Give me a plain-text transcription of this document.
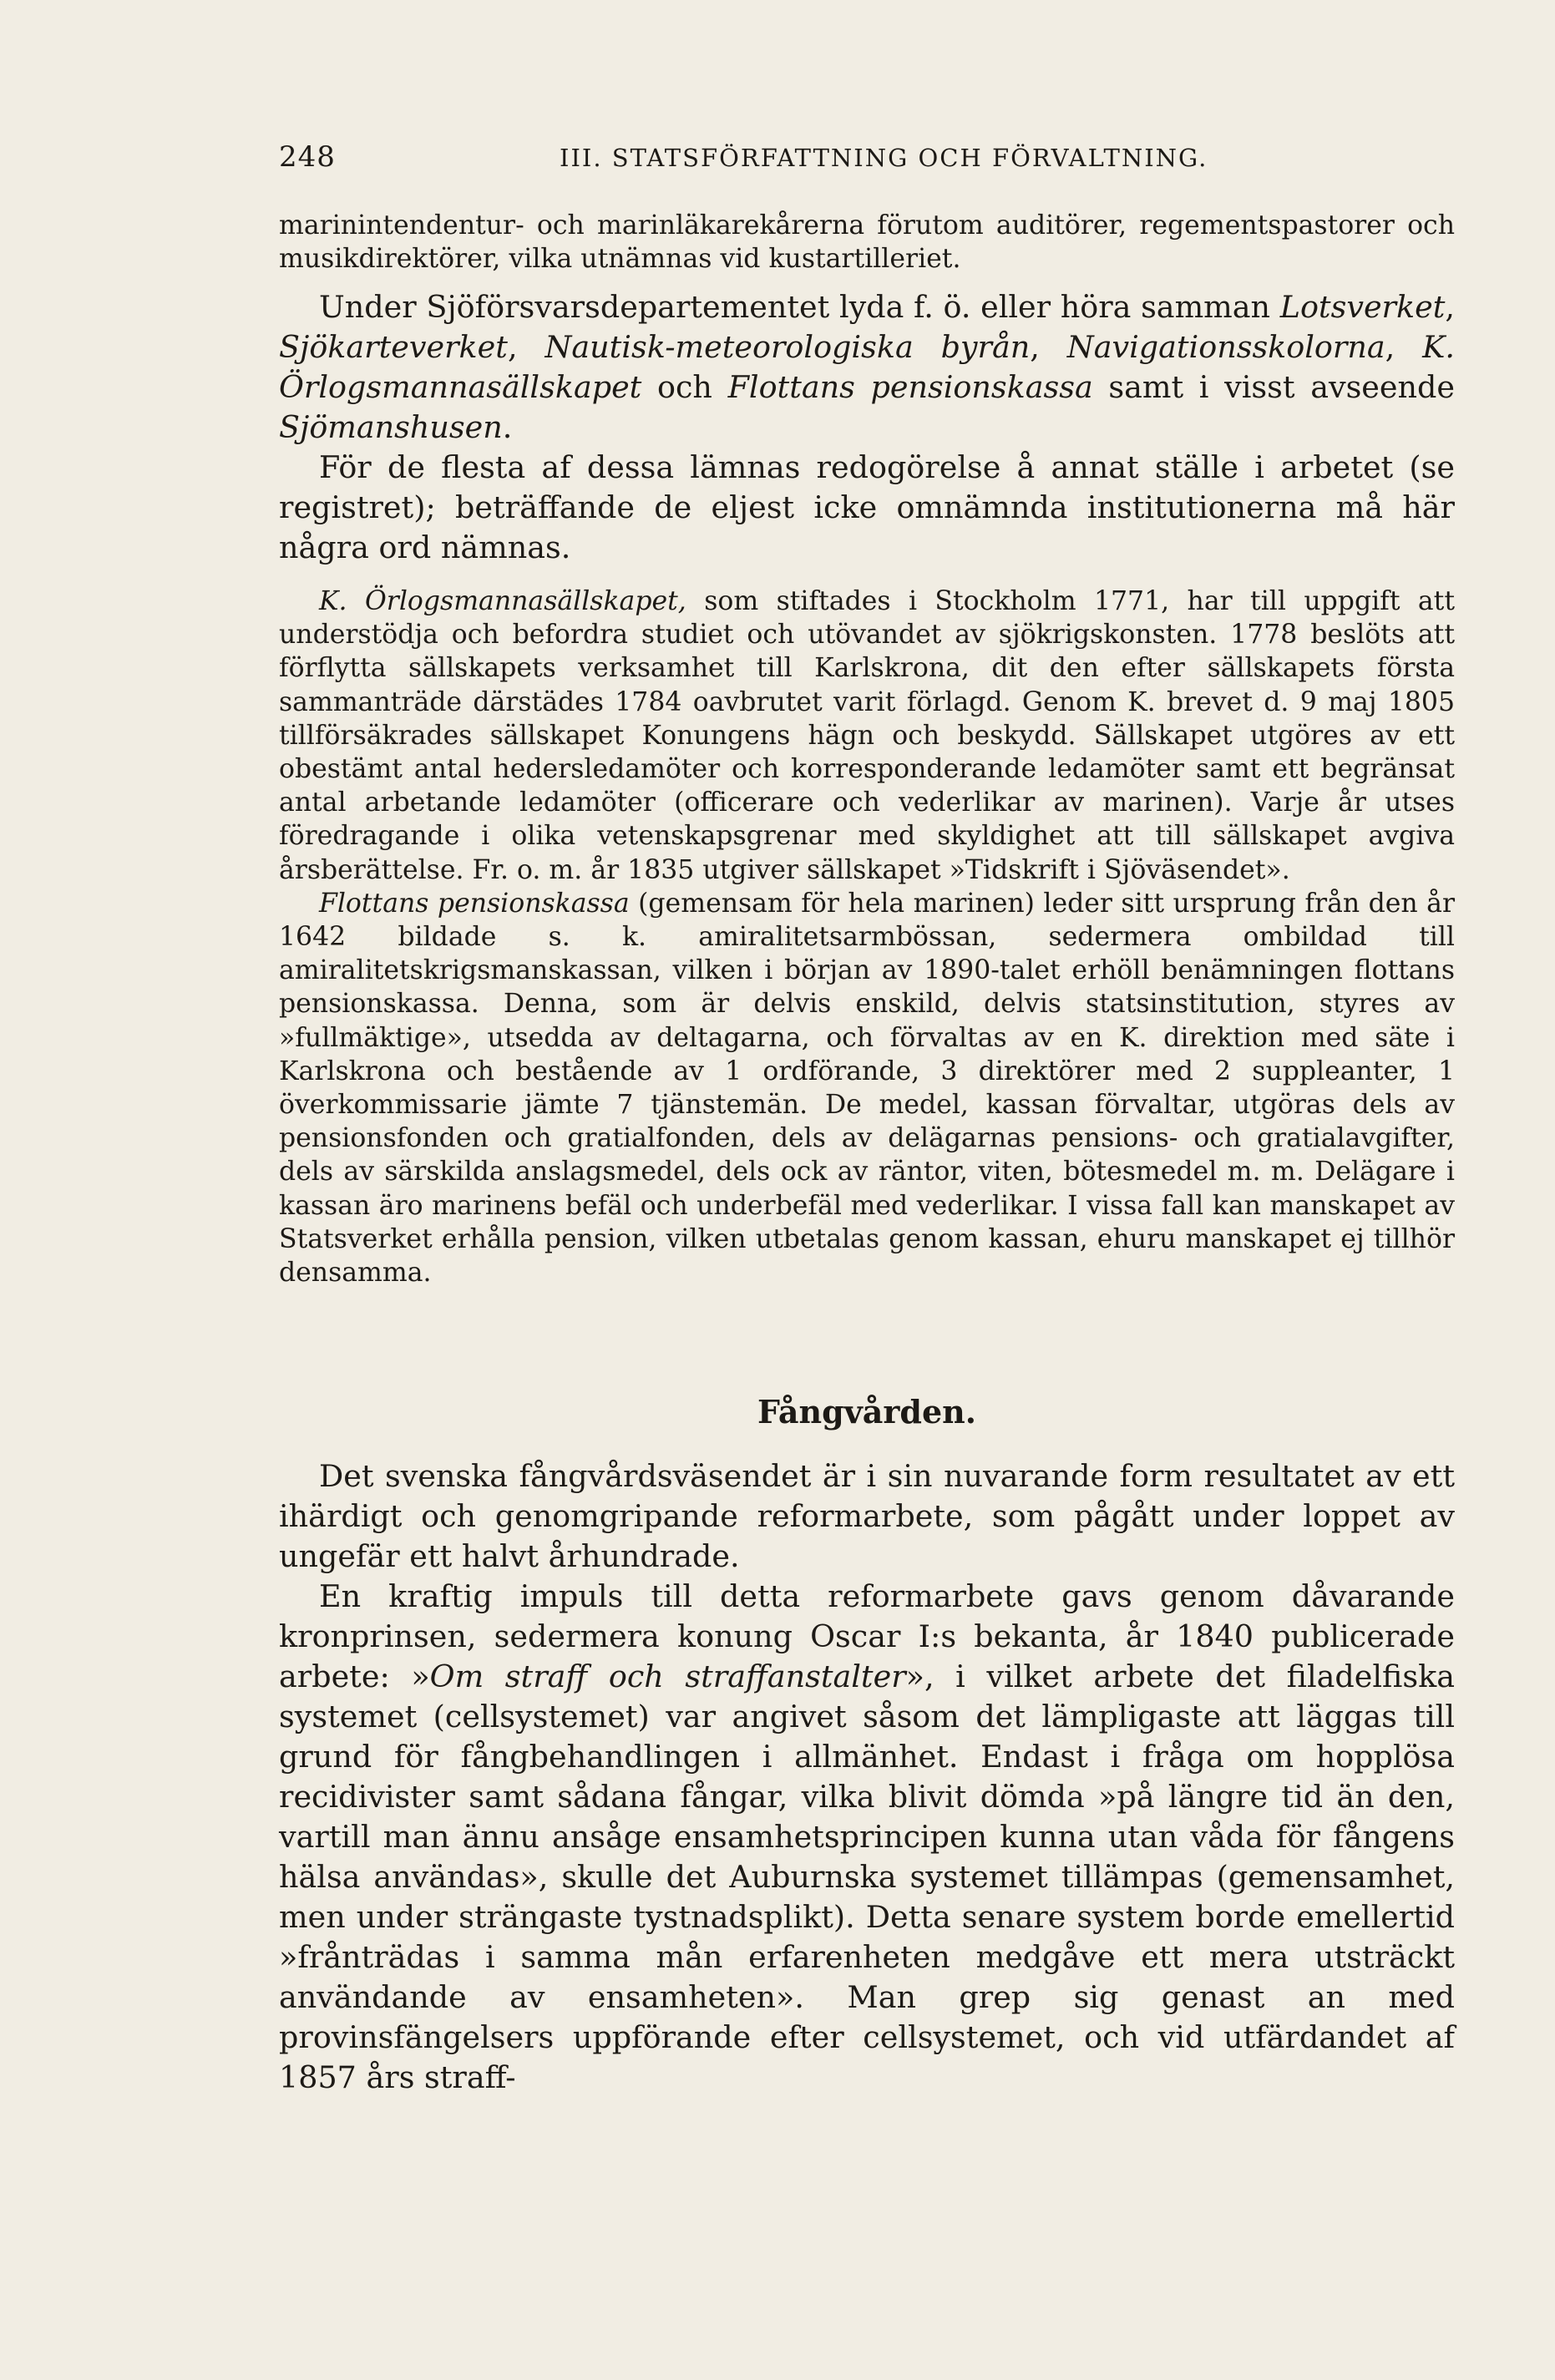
248	III. STATSFÖRFATTNING OCH FÖRVALTNING.

marinintendentur- och marinläkarekårerna förutom auditörer, regementspastorer och musikdirektörer, vilka utnämnas vid kustartilleriet.

Under Sjöförsvarsdepartementet lyda f. ö. eller höra samman Lotsverket, Sjökarteverket, Nautisk-meteorologiska byrån, Navigationsskolorna, K. Örlogsmannasällskapet och Flottans pensionskassa samt i visst avseende Sjömanshusen.

För de flesta af dessa lämnas redogörelse å annat ställe i arbetet (se registret); beträffande de eljest icke omnämnda institutionerna må här några ord nämnas.

K. Örlogsmannasällskapet, som stiftades i Stockholm 1771, har till uppgift att understödja och befordra studiet och utövandet av sjökrigskonsten. 1778 beslöts att förflytta sällskapets verksamhet till Karlskrona, dit den efter sällskapets första sammanträde därstädes 1784 oavbrutet varit förlagd. Genom K. brevet d. 9 maj 1805 tillförsäkrades sällskapet Konungens hägn och beskydd. Sällskapet utgöres av ett obestämt antal hedersledamöter och korresponderande ledamöter samt ett begränsat antal arbetande ledamöter (officerare och vederlikar av marinen). Varje år utses föredragande i olika vetenskapsgrenar med skyldighet att till sällskapet avgiva årsberättelse. Fr. o. m. år 1835 utgiver sällskapet »Tidskrift i Sjöväsendet».

Flottans pensionskassa (gemensam för hela marinen) leder sitt ursprung från den år 1642 bildade s. k. amiralitetsarmbössan, sedermera ombildad till amiralitetskrigsmanskassan, vilken i början av 1890-talet erhöll benämningen flottans pensionskassa. Denna, som är delvis enskild, delvis statsinstitution, styres av »fullmäktige», utsedda av deltagarna, och förvaltas av en K. direktion med säte i Karlskrona och bestående av 1 ordförande, 3 direktörer med 2 suppleanter, 1 överkommissarie jämte 7 tjänstemän. De medel, kassan förvaltar, utgöras dels av pensionsfonden och gratialfonden, dels av delägarnas pensions- och gratialavgifter, dels av särskilda anslagsmedel, dels ock av räntor, viten, bötesmedel m. m. Delägare i kassan äro marinens befäl och underbefäl med vederlikar. I vissa fall kan manskapet av Statsverket erhålla pension, vilken utbetalas genom kassan, ehuru manskapet ej tillhör densamma.

Fångvården.

Det svenska fångvårdsväsendet är i sin nuvarande form resultatet av ett ihärdigt och genomgripande reformarbete, som pågått under loppet av ungefär ett halvt århundrade.

En kraftig impuls till detta reformarbete gavs genom dåvarande kronprinsen, sedermera konung Oscar I:s bekanta, år 1840 publicerade arbete: »Om straff och straffanstalter», i vilket arbete det filadelfiska systemet (cellsystemet) var angivet såsom det lämpligaste att läggas till grund för fångbehandlingen i allmänhet. Endast i fråga om hopplösa recidivister samt sådana fångar, vilka blivit dömda »på längre tid än den, vartill man ännu ansåge ensamhetsprincipen kunna utan våda för fångens hälsa användas», skulle det Auburnska systemet tillämpas (gemensamhet, men under strängaste tystnadsplikt). Detta senare system borde emellertid »frånträdas i samma mån erfarenheten medgåve ett mera utsträckt användande av ensamheten». Man grep sig genast an med provinsfängelsers uppförande efter cellsystemet, och vid utfärdandet af 1857 års straff-
